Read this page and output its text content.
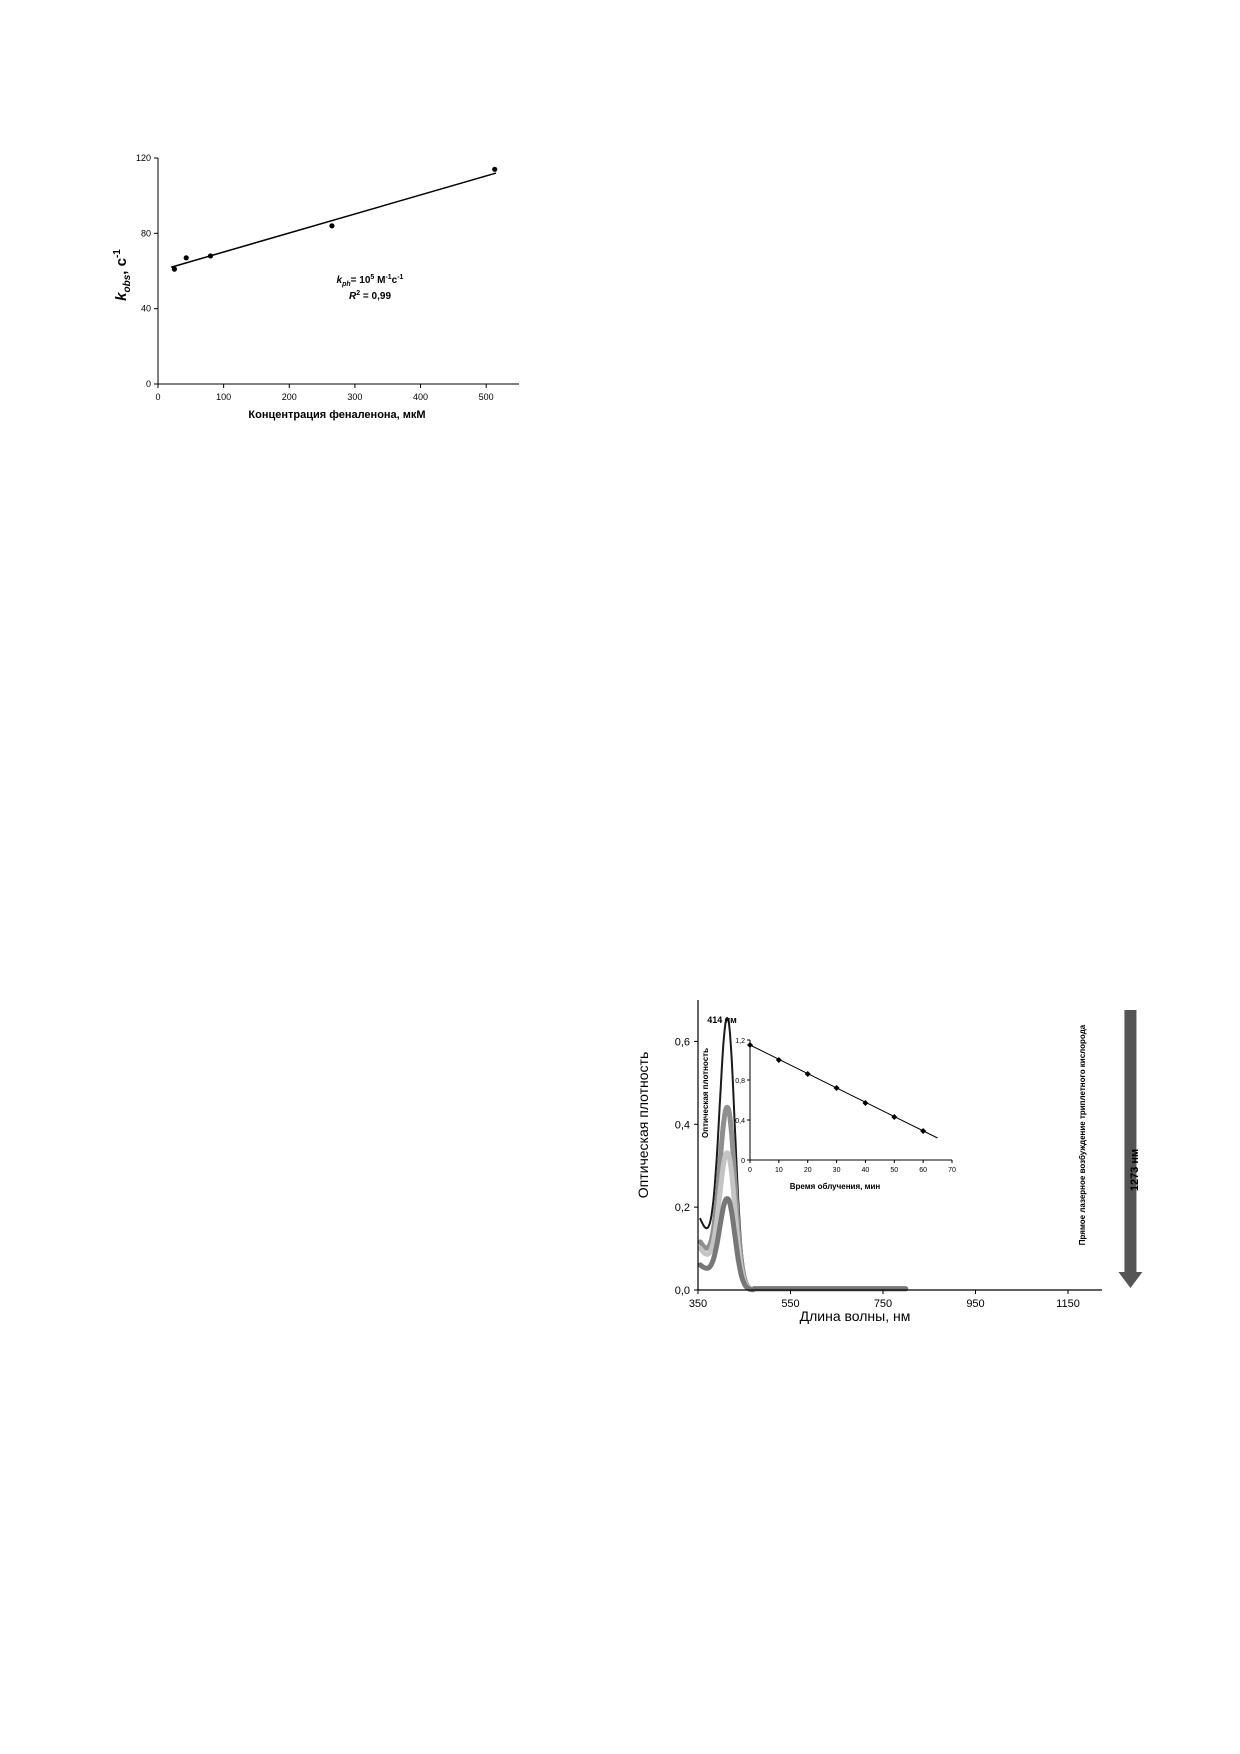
0	100	200	300	400	500
0
40
80
120
$k_{obs}$, $с^{-1}$
Концентрация феналенона, мкМ
$k_{ph}= 10^5$ $M^{-1}c^{-1}$
$R^2 = 0,99$
350	550	750	950	1150
0,0
0,2
0,4
0,6
414 нм
Оптическая плотность
Длина волны, нм
Прямое лазерное возбуждение триплетного кислорода	1273 нм
0	10	20	30	40	50	60	70
0
0,4
0,8
1,2
Оптическая плотность
Время облучения, мин
